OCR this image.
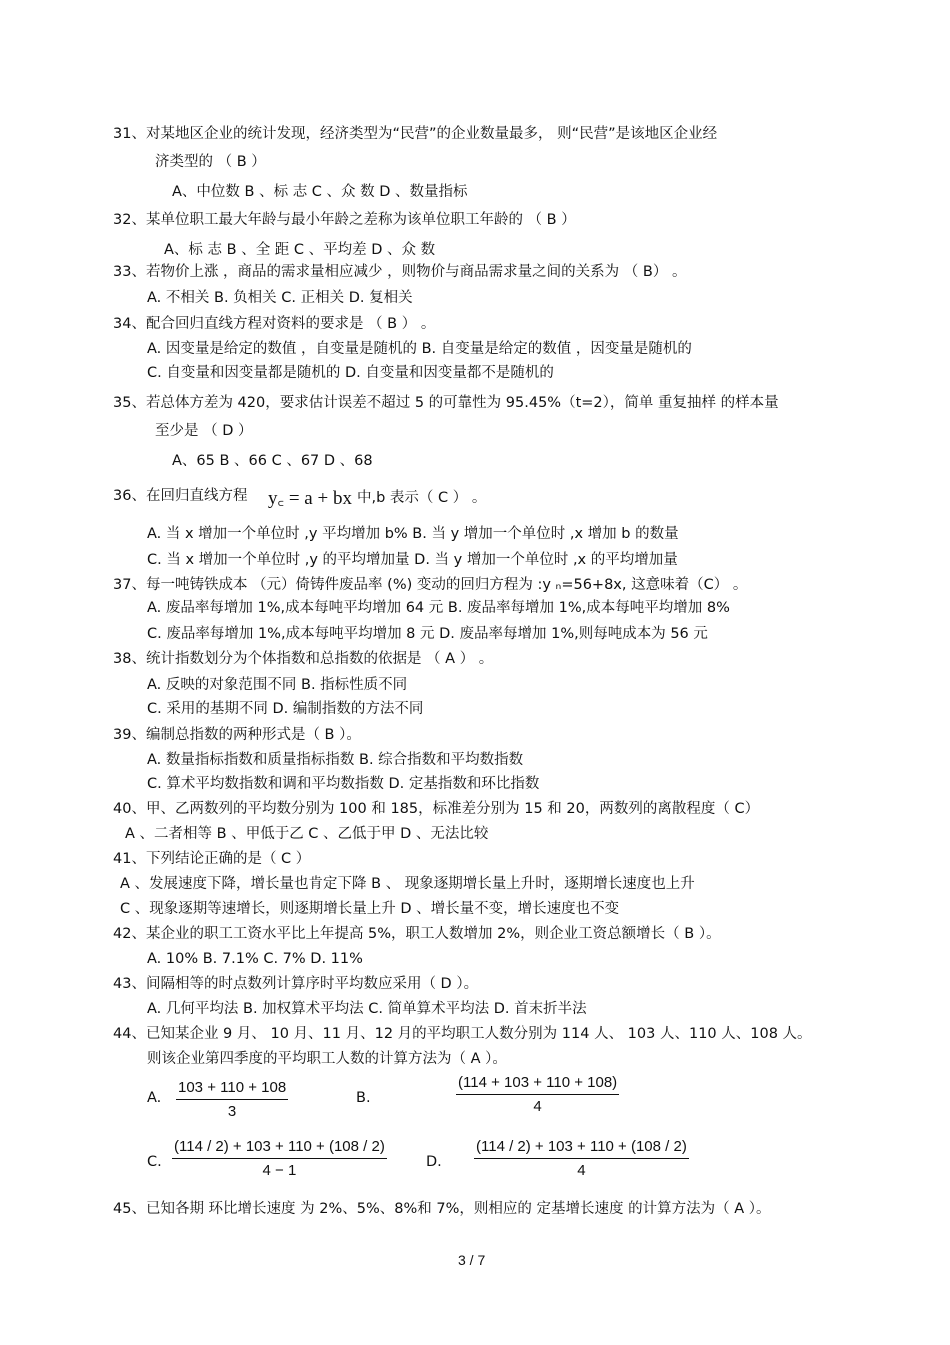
31、对某地区企业的统计发现，经济类型为“民营”的企业数量最多， 则“民营”是该地区企业经
济类型的 （ B ）
A、中位数 B 、标 志 C 、众 数 D 、数量指标
32、某单位职工最大年龄与最小年龄之差称为该单位职工年龄的 （ B ）
A、标 志 B 、全 距 C 、平均差 D 、众 数
33、若物价上涨 ，商品的需求量相应减少 ，则物价与商品需求量之间的关系为 （ B） 。
A. 不相关 B. 负相关 C. 正相关 D. 复相关
34、配合回归直线方程对资料的要求是 （ B ） 。
A. 因变量是给定的数值 ，自变量是随机的 B. 自变量是给定的数值 ，因变量是随机的
C. 自变量和因变量都是随机的 D. 自变量和因变量都不是随机的
35、若总体方差为 420，要求估计误差不超过 5 的可靠性为 95.45%（t=2），简单 重复抽样 的样本量
至少是 （ D ）
A、65 B 、66 C 、67 D 、68
36、在回归直线方程	中,b 表示（ C ） 。
A. 当 x 增加一个单位时 ,y 平均增加 b% B. 当 y 增加一个单位时 ,x 增加 b 的数量
C. 当 x 增加一个单位时 ,y 的平均增加量 D. 当 y 增加一个单位时 ,x 的平均增加量
37、每一吨铸铁成本 （元）倚铸件废品率 (%) 变动的回归方程为 :y ₙ=56+8x, 这意味着（C） 。
A. 废品率每增加 1%,成本每吨平均增加 64 元 B. 废品率每增加 1%,成本每吨平均增加 8%
C. 废品率每增加 1%,成本每吨平均增加 8 元 D. 废品率每增加 1%,则每吨成本为 56 元
38、统计指数划分为个体指数和总指数的依据是 （ A ） 。
A. 反映的对象范围不同 B. 指标性质不同
C. 采用的基期不同 D. 编制指数的方法不同
39、编制总指数的两种形式是（ B ）。
A. 数量指标指数和质量指标指数 B. 综合指数和平均数指数
C. 算术平均数指数和调和平均数指数 D. 定基指数和环比指数
40、甲、乙两数列的平均数分别为 100 和 185，标准差分别为 15 和 20，两数列的离散程度（ C）
A 、二者相等 B 、甲低于乙 C 、乙低于甲 D 、无法比较
41、下列结论正确的是（ C ）
A 、发展速度下降，增长量也肯定下降 B 、 现象逐期增长量上升时，逐期增长速度也上升
C 、现象逐期等速增长，则逐期增长量上升 D 、增长量不变，增长速度也不变
42、某企业的职工工资水平比上年提高 5%，职工人数增加 2%，则企业工资总额增长（ B ）。
A. 10% B. 7.1% C. 7% D. 11%
43、间隔相等的时点数列计算序时平均数应采用（ D ）。
A. 几何平均法 B. 加权算术平均法 C. 简单算术平均法 D. 首末折半法
44、已知某企业 9 月、 10 月、11 月、12 月的平均职工人数分别为 114 人、 103 人、110 人、108 人。
则该企业第四季度的平均职工人数的计算方法为（ A ）。
A.	B.
C.	D.
45、已知各期 环比增长速度 为 2%、5%、8%和 7%，则相应的 定基增长速度 的计算方法为（ A ）。
$\frac{103 + 110 + 108}{3}$	$\frac{(114 + 103 + 110 + 108)}{4}$
$\frac{(114 / 2) + 103 + 110 + (108 / 2)}{4 - 1}$	$\frac{(114 / 2) + 103 + 110 + (108 / 2)}{4}$
y꜀ = a + bx
3 / 7
